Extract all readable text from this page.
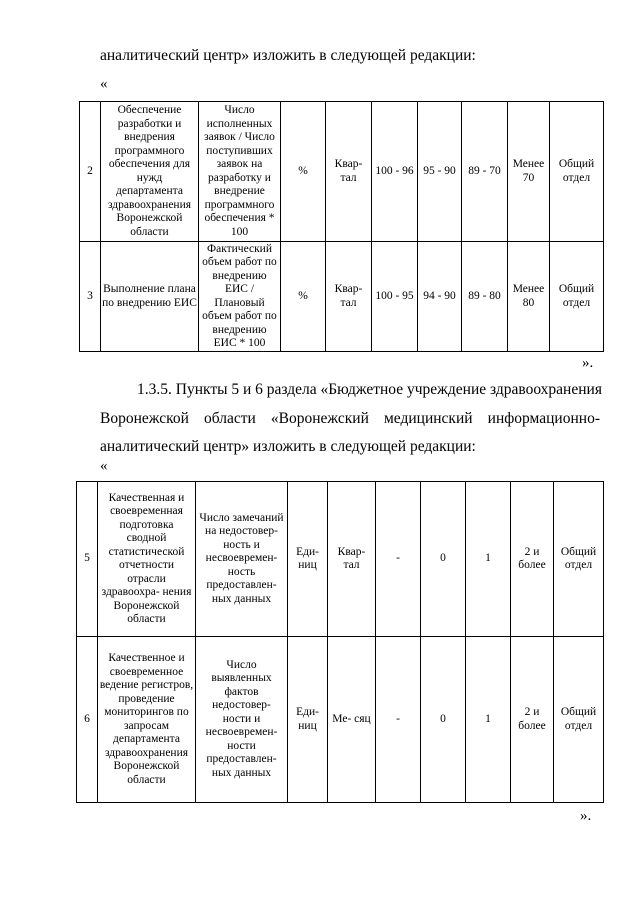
аналитический центр» изложить в следующей редакции:
«
2	Обеспечение разработки и внедрения программного обеспечения для нужд департамента здравоохранения Воронежской области	Число исполненных заявок / Число поступивших заявок на разработку и внедрение программного обеспечения * 100	%	Квар- тал	100 - 96	95 - 90	89 - 70	Менее 70	Общий отдел
3	Выполнение плана по внедрению ЕИС	Фактический объем работ по внедрению ЕИС / Плановый объем работ по внедрению ЕИС * 100	%	Квар- тал	100 - 95	94 - 90	89 - 80	Менее 80	Общий отдел
».
1.3.5. Пункты 5 и 6 раздела «Бюджетное учреждение здравоохранения
Воронежской области «Воронежский медицинский информационно-
аналитический центр» изложить в следующей редакции:
«
5	Качественная и своевременная подготовка сводной статистической отчетности отрасли здравоохра- нения Воронежской области	Число замечаний на недостовер- ность и несвоевремен- ность предоставлен- ных данных	Еди- ниц	Квар- тал	-	0	1	2 и более	Общий отдел
6	Качественное и своевременное ведение регистров, проведение мониторингов по запросам департамента здравоохранения Воронежской области	Число выявленных фактов недостовер- ности и несвоевремен- ности предоставлен- ных данных	Еди- ниц	Ме- сяц	-	0	1	2 и более	Общий отдел
».
